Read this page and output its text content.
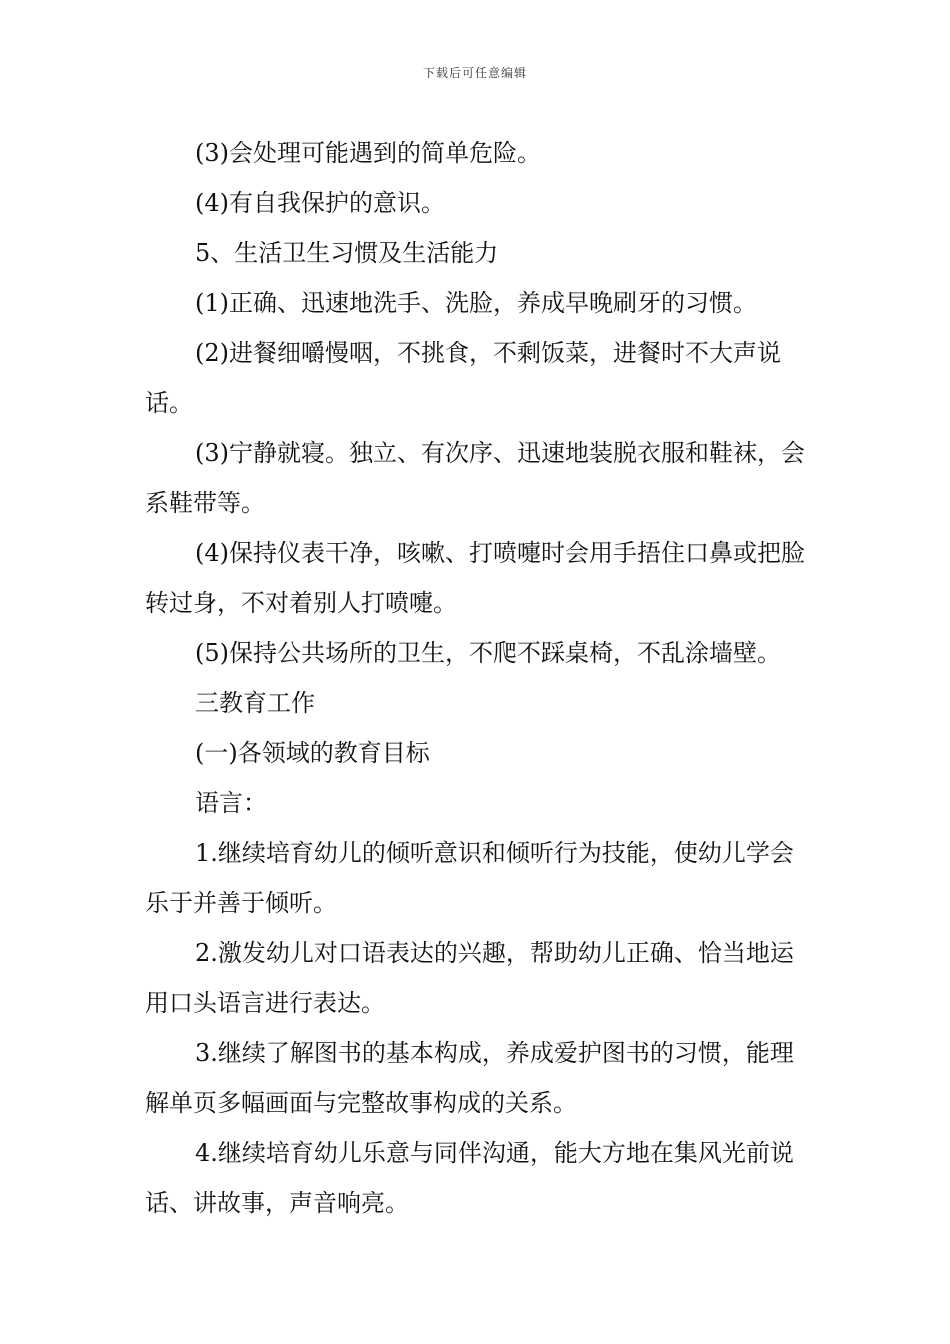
下载后可任意编辑

(3)会处理可能遇到的简单危险。

(4)有自我保护的意识。

5、生活卫生习惯及生活能力

(1)正确、迅速地洗手、洗脸，养成早晚刷牙的习惯。

(2)进餐细嚼慢咽，不挑食，不剩饭菜，进餐时不大声说话。

(3)宁静就寝。独立、有次序、迅速地装脱衣服和鞋袜，会系鞋带等。

(4)保持仪表干净，咳嗽、打喷嚏时会用手捂住口鼻或把脸转过身，不对着别人打喷嚏。

(5)保持公共场所的卫生，不爬不踩桌椅，不乱涂墙壁。

三教育工作

(一)各领域的教育目标

语言：

1.继续培育幼儿的倾听意识和倾听行为技能，使幼儿学会乐于并善于倾听。

2.激发幼儿对口语表达的兴趣，帮助幼儿正确、恰当地运用口头语言进行表达。

3.继续了解图书的基本构成，养成爱护图书的习惯，能理解单页多幅画面与完整故事构成的关系。

4.继续培育幼儿乐意与同伴沟通，能大方地在集风光前说话、讲故事，声音响亮。
